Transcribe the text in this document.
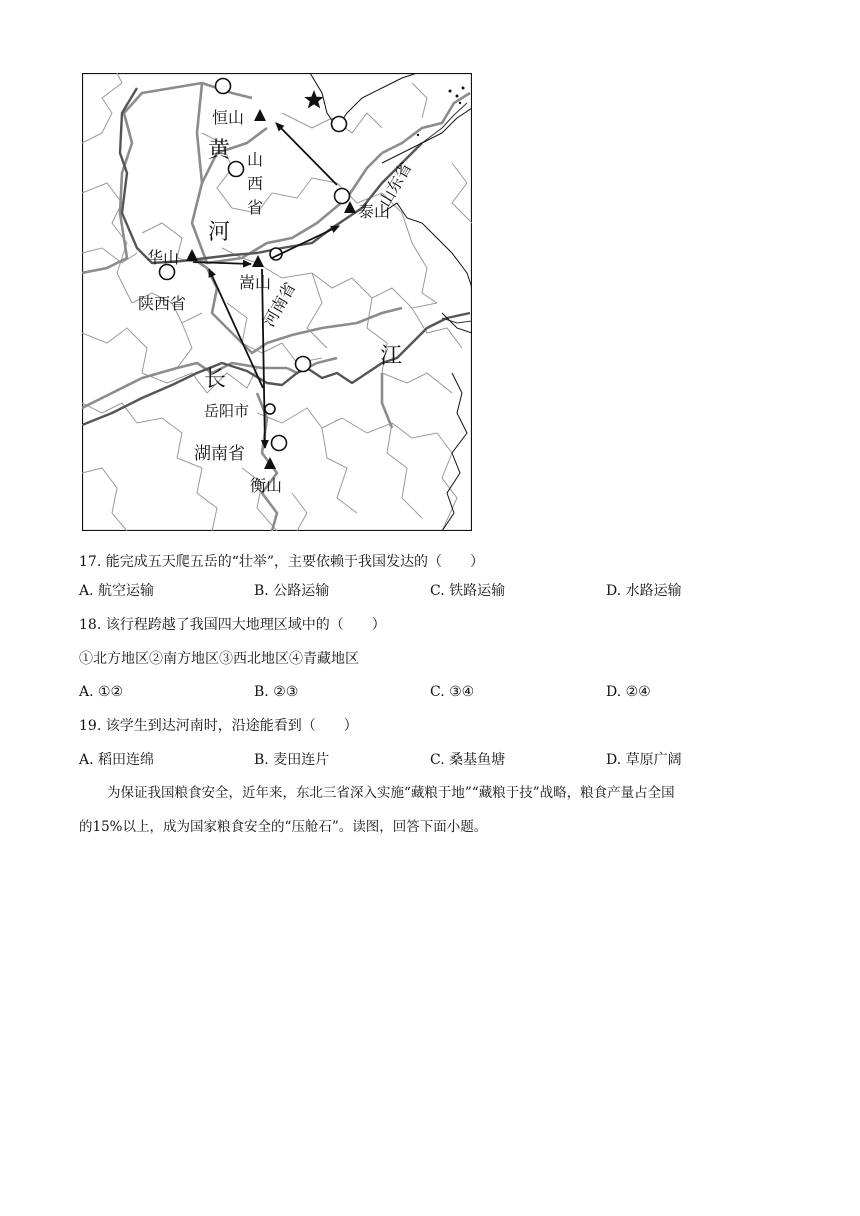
恒山
黄 山
西
省
河
泰山
山东省
华山
嵩山
陕西省	河南省
江
长
岳阳市
湖南省
衡山
17. 能完成五天爬五岳的“壮举”，主要依赖于我国发达的（　　）
A. 航空运输	B. 公路运输	C. 铁路运输	D. 水路运输
18. 该行程跨越了我国四大地理区域中的（　　）
①北方地区②南方地区③西北地区④青藏地区
A. ①②	B. ②③	C. ③④	D. ②④
19. 该学生到达河南时，沿途能看到（　　）
A. 稻田连绵	B. 麦田连片	C. 桑基鱼塘	D. 草原广阔
为保证我国粮食安全，近年来，东北三省深入实施“藏粮于地”“藏粮于技”战略，粮食产量占全国
的15%以上，成为国家粮食安全的“压舱石”。读图，回答下面小题。
